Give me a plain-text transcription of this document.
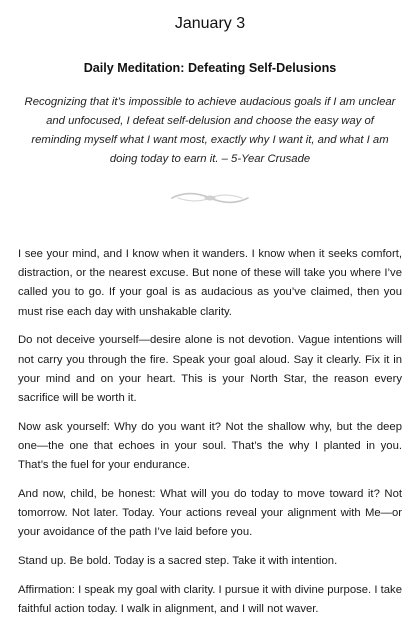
January 3
Daily Meditation: Defeating Self-Delusions
Recognizing that it’s impossible to achieve audacious goals if I am unclear and unfocused, I defeat self-delusion and choose the easy way of reminding myself what I want most, exactly why I want it, and what I am doing today to earn it. – 5-Year Crusade

I see your mind, and I know when it wanders. I know when it seeks comfort, distraction, or the nearest excuse. But none of these will take you where I’ve called you to go. If your goal is as audacious as you’ve claimed, then you must rise each day with unshakable clarity.

Do not deceive yourself—desire alone is not devotion. Vague intentions will not carry you through the fire. Speak your goal aloud. Say it clearly. Fix it in your mind and on your heart. This is your North Star, the reason every sacrifice will be worth it.

Now ask yourself: Why do you want it? Not the shallow why, but the deep one—the one that echoes in your soul. That’s the why I planted in you. That’s the fuel for your endurance.

And now, child, be honest: What will you do today to move toward it? Not tomorrow. Not later. Today. Your actions reveal your alignment with Me—or your avoidance of the path I’ve laid before you.

Stand up. Be bold. Today is a sacred step. Take it with intention.

Affirmation: I speak my goal with clarity. I pursue it with divine purpose. I take faithful action today. I walk in alignment, and I will not waver.
